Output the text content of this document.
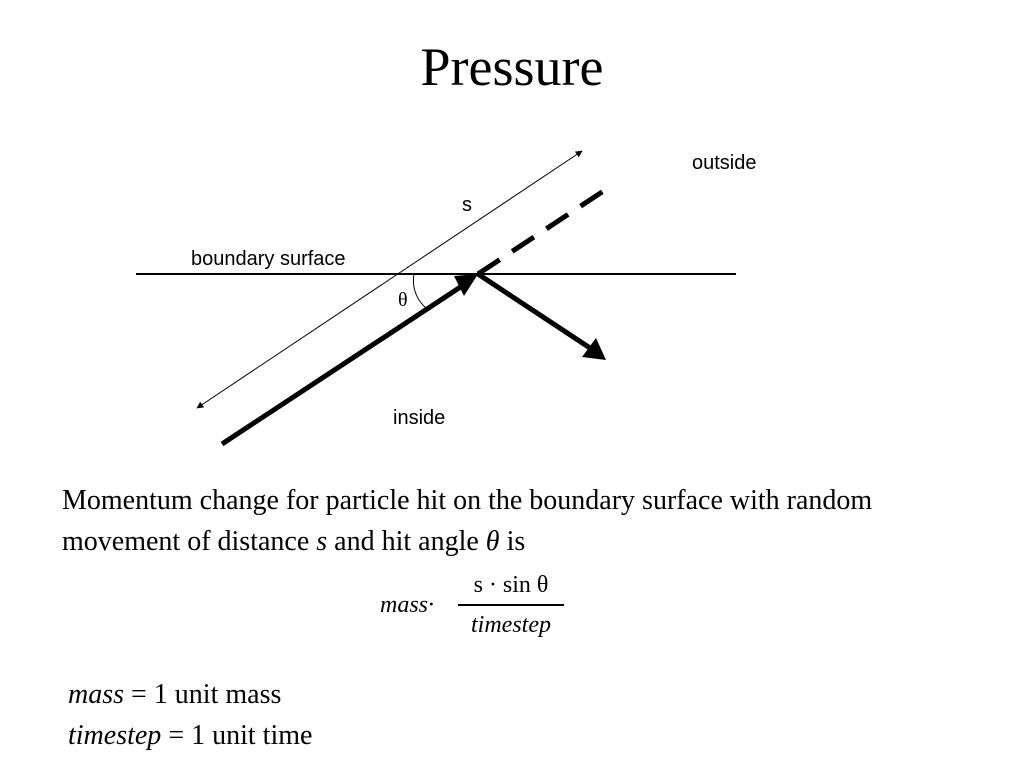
Pressure
outside
inside
boundary surface
s
θ
Momentum change for particle hit on the boundary surface with random movement of distance s and hit angle θ is
mass·
s · sin θ
timestep
mass = 1 unit mass
timestep = 1 unit time
